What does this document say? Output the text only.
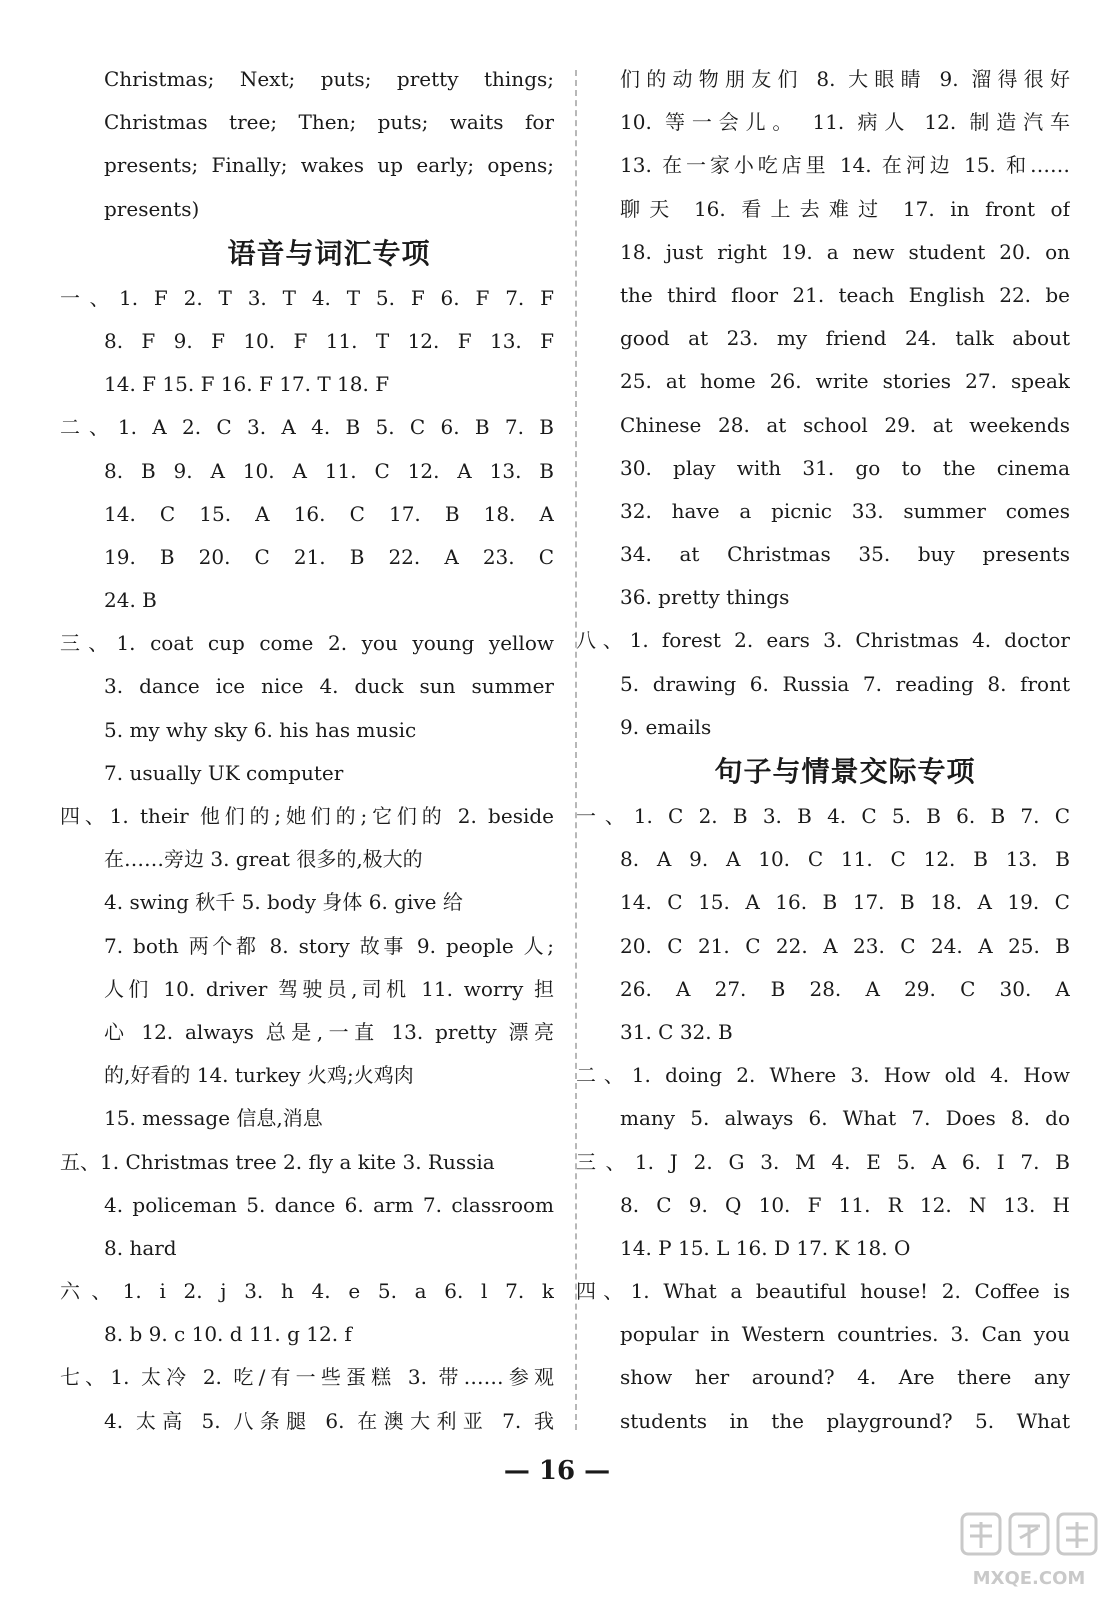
Christmas; Next; puts; pretty things;
Christmas tree; Then; puts; waits for
presents; Finally; wakes up early; opens;
presents)
语音与词汇专项
一、1. F 2. T 3. T 4. T 5. F 6. F 7. F
8. F 9. F 10. F 11. T 12. F 13. F
14. F 15. F 16. F 17. T 18. F
二、1. A 2. C 3. A 4. B 5. C 6. B 7. B
8. B 9. A 10. A 11. C 12. A 13. B
14. C 15. A 16. C 17. B 18. A
19. B 20. C 21. B 22. A 23. C
24. B
三、1. coat cup come 2. you young yellow
3. dance ice nice 4. duck sun summer
5. my why sky 6. his has music
7. usually UK computer
四、1. their 他们的;她们的;它们的 2. beside
在……旁边 3. great 很多的,极大的
4. swing 秋千 5. body 身体 6. give 给
7. both 两个都 8. story 故事 9. people 人;
人们 10. driver 驾驶员,司机 11. worry 担
心 12. always 总是,一直 13. pretty 漂亮
的,好看的 14. turkey 火鸡;火鸡肉
15. message 信息,消息
五、1. Christmas tree 2. fly a kite 3. Russia
4. policeman 5. dance 6. arm 7. classroom
8. hard
六、1. i 2. j 3. h 4. e 5. a 6. l 7. k
8. b 9. c 10. d 11. g 12. f
七、1. 太冷 2. 吃/有一些蛋糕 3. 带……参观
4. 太高 5. 八条腿 6. 在澳大利亚 7. 我
们的动物朋友们 8. 大眼睛 9. 溜得很好
10. 等一会儿。 11. 病人 12. 制造汽车
13. 在一家小吃店里 14. 在河边 15. 和……
聊天 16. 看上去难过 17. in front of
18. just right 19. a new student 20. on
the third floor 21. teach English 22. be
good at 23. my friend 24. talk about
25. at home 26. write stories 27. speak
Chinese 28. at school 29. at weekends
30. play with 31. go to the cinema
32. have a picnic 33. summer comes
34. at Christmas 35. buy presents
36. pretty things
八、1. forest 2. ears 3. Christmas 4. doctor
5. drawing 6. Russia 7. reading 8. front
9. emails
句子与情景交际专项
一、1. C 2. B 3. B 4. C 5. B 6. B 7. C
8. A 9. A 10. C 11. C 12. B 13. B
14. C 15. A 16. B 17. B 18. A 19. C
20. C 21. C 22. A 23. C 24. A 25. B
26. A 27. B 28. A 29. C 30. A
31. C 32. B
二、1. doing 2. Where 3. How old 4. How
many 5. always 6. What 7. Does 8. do
三、1. J 2. G 3. M 4. E 5. A 6. I 7. B
8. C 9. Q 10. F 11. R 12. N 13. H
14. P 15. L 16. D 17. K 18. O
四、1. What a beautiful house! 2. Coffee is
popular in Western countries. 3. Can you
show her around? 4. Are there any
students in the playground? 5. What
— 16 —
MXQE.COM
